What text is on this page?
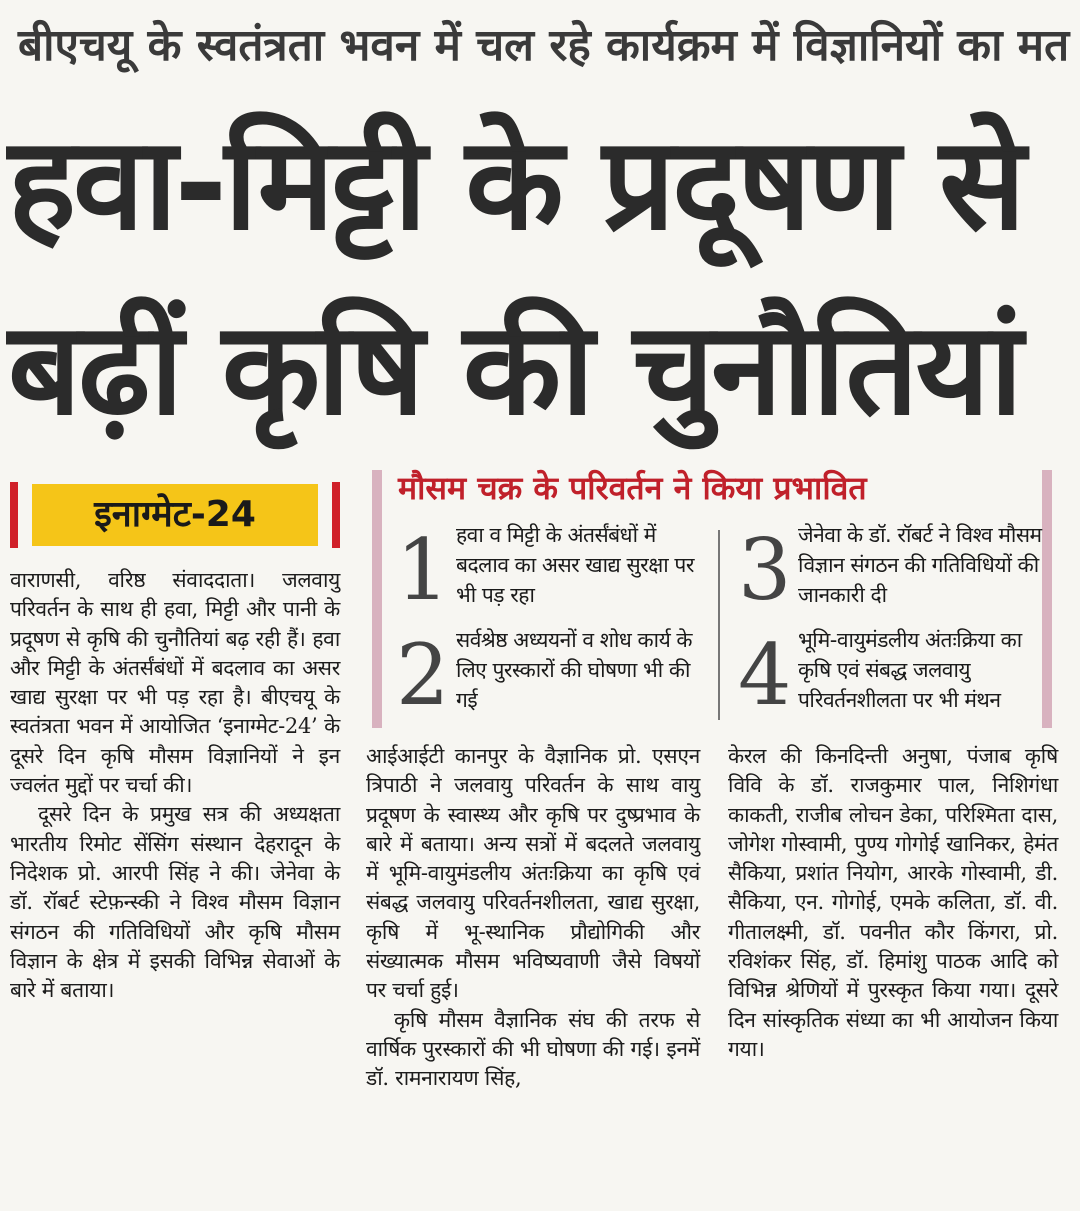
बीएचयू के स्वतंत्रता भवन में चल रहे कार्यक्रम में विज्ञानियों का मत
हवा-मिट्टी के प्रदूषण से
बढ़ीं कृषि की चुनौतियां
इनाग्मेट-24
मौसम चक्र के परिवर्तन ने किया प्रभावित
1 हवा व मिट्टी के अंतर्संबंधों में बदलाव का असर खाद्य सुरक्षा पर भी पड़ रहा
2 सर्वश्रेष्ठ अध्ययनों व शोध कार्य के लिए पुरस्कारों की घोषणा भी की गई
3 जेनेवा के डॉ. रॉबर्ट ने विश्व मौसम विज्ञान संगठन की गतिविधियों की जानकारी दी
4 भूमि-वायुमंडलीय अंतःक्रिया का कृषि एवं संबद्ध जलवायु परिवर्तनशीलता पर भी मंथन

वाराणसी, वरिष्ठ संवाददाता। जलवायु परिवर्तन के साथ ही हवा, मिट्टी और पानी के प्रदूषण से कृषि की चुनौतियां बढ़ रही हैं। हवा और मिट्टी के अंतर्संबंधों में बदलाव का असर खाद्य सुरक्षा पर भी पड़ रहा है। बीएचयू के स्वतंत्रता भवन में आयोजित ‘इनाग्मेट-24’ के दूसरे दिन कृषि मौसम विज्ञानियों ने इन ज्वलंत मुद्दों पर चर्चा की।

दूसरे दिन के प्रमुख सत्र की अध्यक्षता भारतीय रिमोट सेंसिंग संस्थान देहरादून के निदेशक प्रो. आरपी सिंह ने की। जेनेवा के डॉ. रॉबर्ट स्टेफ़न्स्की ने विश्व मौसम विज्ञान संगठन की गतिविधियों और कृषि मौसम विज्ञान के क्षेत्र में इसकी विभिन्न सेवाओं के बारे में बताया।

आईआईटी कानपुर के वैज्ञानिक प्रो. एसएन त्रिपाठी ने जलवायु परिवर्तन के साथ वायु प्रदूषण के स्वास्थ्य और कृषि पर दुष्प्रभाव के बारे में बताया। अन्य सत्रों में बदलते जलवायु में भूमि-वायुमंडलीय अंतःक्रिया का कृषि एवं संबद्ध जलवायु परिवर्तनशीलता, खाद्य सुरक्षा, कृषि में भू-स्थानिक प्रौद्योगिकी और संख्यात्मक मौसम भविष्यवाणी जैसे विषयों पर चर्चा हुई।

कृषि मौसम वैज्ञानिक संघ की तरफ से वार्षिक पुरस्कारों की भी घोषणा की गई। इनमें डॉ. रामनारायण सिंह,

केरल की किनदिन्ती अनुषा, पंजाब कृषि विवि के डॉ. राजकुमार पाल, निशिगंधा काकती, राजीब लोचन डेका, परिश्मिता दास, जोगेश गोस्वामी, पुण्य गोगोई खानिकर, हेमंत सैकिया, प्रशांत नियोग, आरके गोस्वामी, डी. सैकिया, एन. गोगोई, एमके कलिता, डॉ. वी. गीतालक्ष्मी, डॉ. पवनीत कौर किंगरा, प्रो. रविशंकर सिंह, डॉ. हिमांशु पाठक आदि को विभिन्न श्रेणियों में पुरस्कृत किया गया। दूसरे दिन सांस्कृतिक संध्या का भी आयोजन किया गया।
